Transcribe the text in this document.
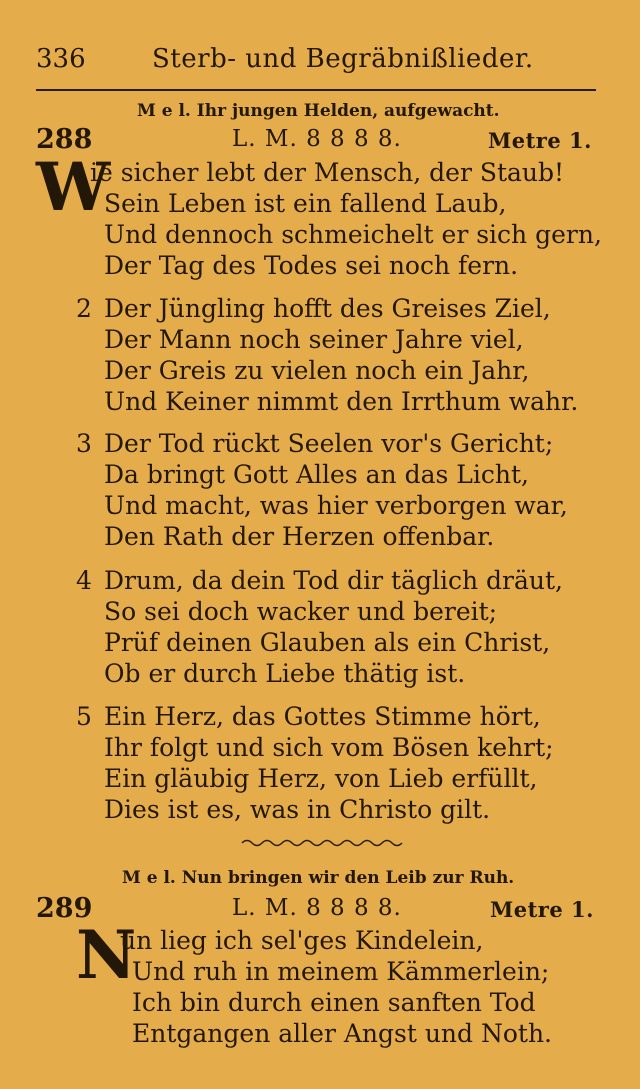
336	Sterb- und Begräbnißlieder.
M e l. Ihr jungen Helden, aufgewacht.
288	L. M. 8 8 8 8.	Metre 1.
W
ie sicher lebt der Mensch, der Staub!
Sein Leben ist ein fallend Laub,
Und dennoch schmeichelt er sich gern,
Der Tag des Todes sei noch fern.
2 Der Jüngling hofft des Greises Ziel,
Der Mann noch seiner Jahre viel,
Der Greis zu vielen noch ein Jahr,
Und Keiner nimmt den Irrthum wahr.
3 Der Tod rückt Seelen vor's Gericht;
Da bringt Gott Alles an das Licht,
Und macht, was hier verborgen war,
Den Rath der Herzen offenbar.
4 Drum, da dein Tod dir täglich dräut,
So sei doch wacker und bereit;
Prüf deinen Glauben als ein Christ,
Ob er durch Liebe thätig ist.
5 Ein Herz, das Gottes Stimme hört,
Ihr folgt und sich vom Bösen kehrt;
Ein gläubig Herz, von Lieb erfüllt,
Dies ist es, was in Christo gilt.
M e l. Nun bringen wir den Leib zur Ruh.
289	L. M. 8 8 8 8.	Metre 1.
N
un lieg ich sel'ges Kindelein,
Und ruh in meinem Kämmerlein;
Ich bin durch einen sanften Tod
Entgangen aller Angst und Noth.
